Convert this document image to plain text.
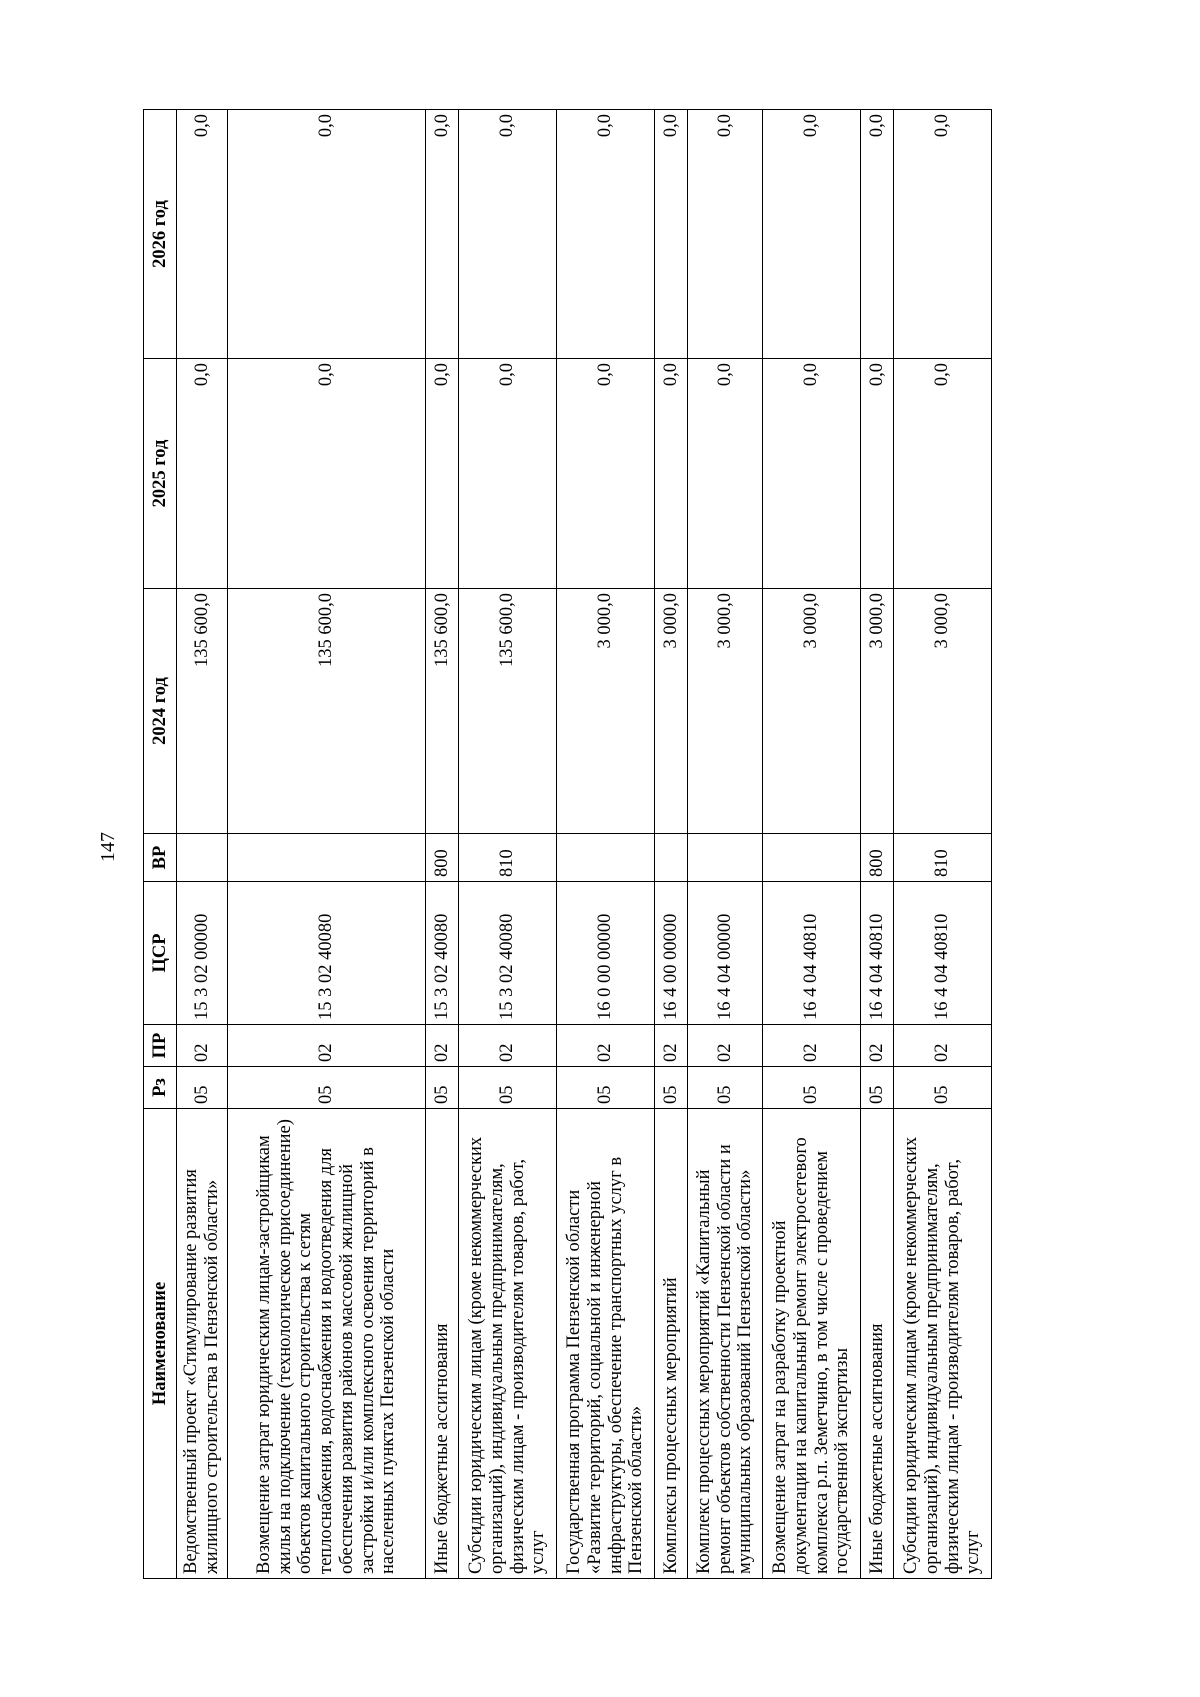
147
Наименование	Рз	ПР	ЦСР	ВР	2024 год	2025 год	2026 год
Ведомственный проект «Стимулирование развития жилищного строительства в Пензенской области»	05	02	15 3 02 00000		135 600,0	0,0	0,0
Возмещение затрат юридическим лицам-застройщикам жилья на подключение (технологическое присоединение) объектов капитального строительства к сетям теплоснабжения, водоснабжения и водоотведения для обеспечения развития районов массовой жилищной застройки и/или комплексного освоения территорий в населенных пунктах Пензенской области	05	02	15 3 02 40080		135 600,0	0,0	0,0
Иные бюджетные ассигнования	05	02	15 3 02 40080	800	135 600,0	0,0	0,0
Субсидии юридическим лицам (кроме некоммерческих организаций), индивидуальным предпринимателям, физическим лицам - производителям товаров, работ, услуг	05	02	15 3 02 40080	810	135 600,0	0,0	0,0
Государственная программа Пензенской области «Развитие территорий, социальной и инженерной инфраструктуры, обеспечение транспортных услуг в Пензенской области»	05	02	16 0 00 00000		3 000,0	0,0	0,0
Комплексы процессных мероприятий	05	02	16 4 00 00000		3 000,0	0,0	0,0
Комплекс процессных мероприятий «Капитальный ремонт объектов собственности Пензенской области и муниципальных образований Пензенской области»	05	02	16 4 04 00000		3 000,0	0,0	0,0
Возмещение затрат на разработку проектной документации на капитальный ремонт электросетевого комплекса р.п. Земетчино, в том числе с проведением государственной экспертизы	05	02	16 4 04 40810		3 000,0	0,0	0,0
Иные бюджетные ассигнования	05	02	16 4 04 40810	800	3 000,0	0,0	0,0
Субсидии юридическим лицам (кроме некоммерческих организаций), индивидуальным предпринимателям, физическим лицам - производителям товаров, работ, услуг	05	02	16 4 04 40810	810	3 000,0	0,0	0,0
